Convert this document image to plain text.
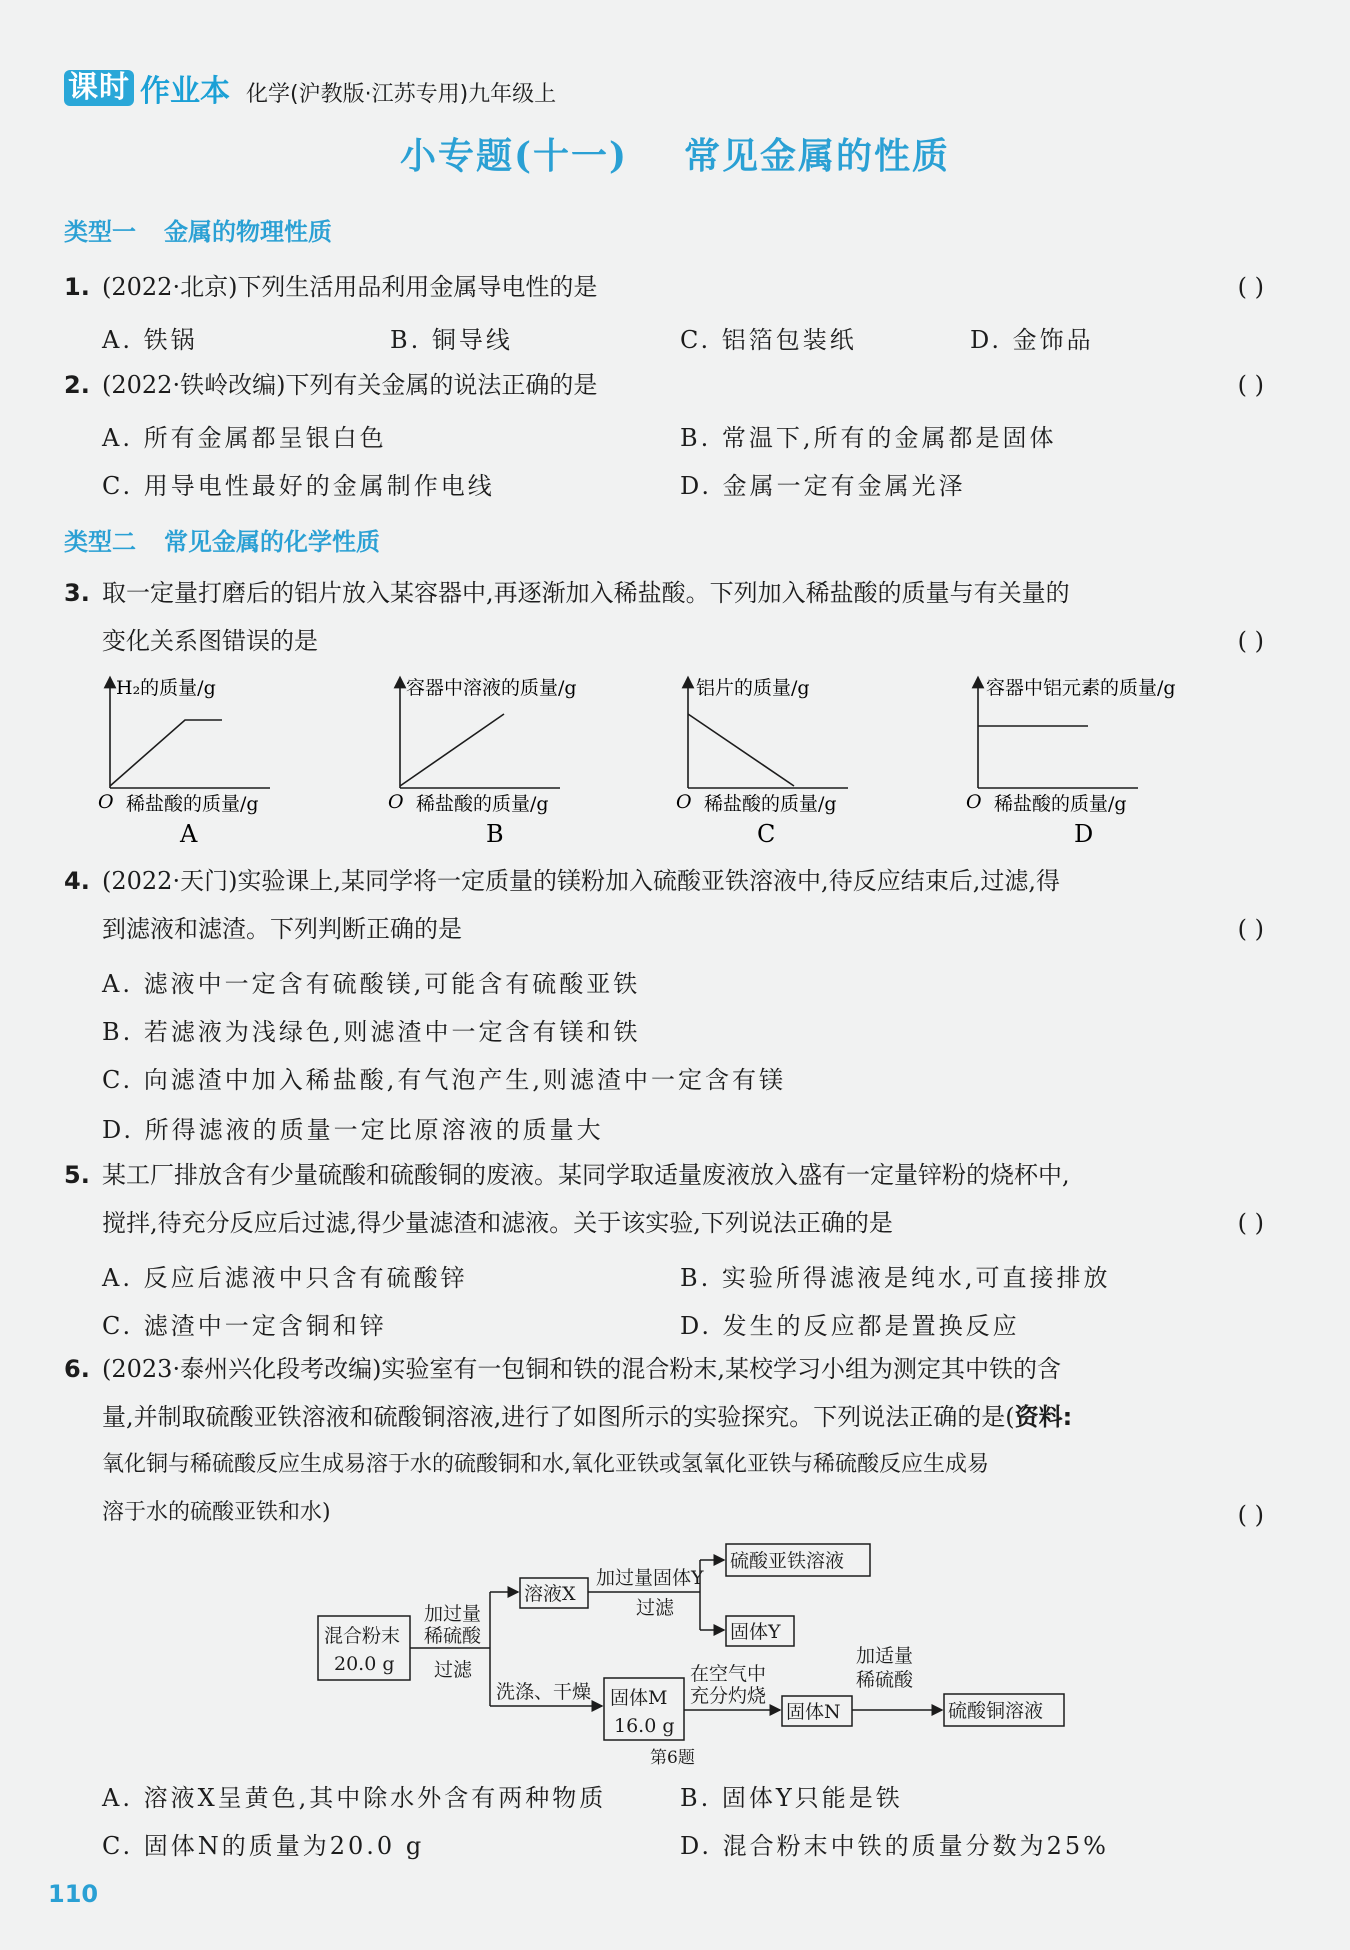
课时 作业本 化学(沪教版·江苏专用)九年级上
小专题(十一) 常见金属的性质
类型一 金属的物理性质
1. (2022·北京)下列生活用品利用金属导电性的是	( )
A. 铁锅	B. 铜导线	C. 铝箔包装纸	D. 金饰品
2. (2022·铁岭改编)下列有关金属的说法正确的是	( )
A. 所有金属都呈银白色	B. 常温下,所有的金属都是固体
C. 用导电性最好的金属制作电线	D. 金属一定有金属光泽
类型二 常见金属的化学性质
3. 取一定量打磨后的铝片放入某容器中,再逐渐加入稀盐酸。下列加入稀盐酸的质量与有关量的
变化关系图错误的是	( )
H₂的质量/g
O 稀盐酸的质量/g
A
容器中溶液的质量/g
O 稀盐酸的质量/g
B
铝片的质量/g
O 稀盐酸的质量/g
C
容器中铝元素的质量/g
O 稀盐酸的质量/g
D
4. (2022·天门)实验课上,某同学将一定质量的镁粉加入硫酸亚铁溶液中,待反应结束后,过滤,得
到滤液和滤渣。下列判断正确的是	( )
A. 滤液中一定含有硫酸镁,可能含有硫酸亚铁
B. 若滤液为浅绿色,则滤渣中一定含有镁和铁
C. 向滤渣中加入稀盐酸,有气泡产生,则滤渣中一定含有镁
D. 所得滤液的质量一定比原溶液的质量大
5. 某工厂排放含有少量硫酸和硫酸铜的废液。某同学取适量废液放入盛有一定量锌粉的烧杯中,
搅拌,待充分反应后过滤,得少量滤渣和滤液。关于该实验,下列说法正确的是	( )
A. 反应后滤液中只含有硫酸锌	B. 实验所得滤液是纯水,可直接排放
C. 滤渣中一定含铜和锌	D. 发生的反应都是置换反应
6. (2023·泰州兴化段考改编)实验室有一包铜和铁的混合粉末,某校学习小组为测定其中铁的含
量,并制取硫酸亚铁溶液和硫酸铜溶液,进行了如图所示的实验探究。下列说法正确的是(资料:
氧化铜与稀硫酸反应生成易溶于水的硫酸铜和水,氧化亚铁或氢氧化亚铁与稀硫酸反应生成易
溶于水的硫酸亚铁和水)	( )
混合粉末
20.0 g
加过量
稀硫酸
过滤
溶液X
加过量固体Y
过滤
硫酸亚铁溶液
固体Y
洗涤、干燥 固体M
16.0 g
在空气中
充分灼烧
固体N
加适量
稀硫酸
硫酸铜溶液
第6题
A. 溶液X呈黄色,其中除水外含有两种物质	B. 固体Y只能是铁
C. 固体N的质量为20.0 g	D. 混合粉末中铁的质量分数为25%
110
